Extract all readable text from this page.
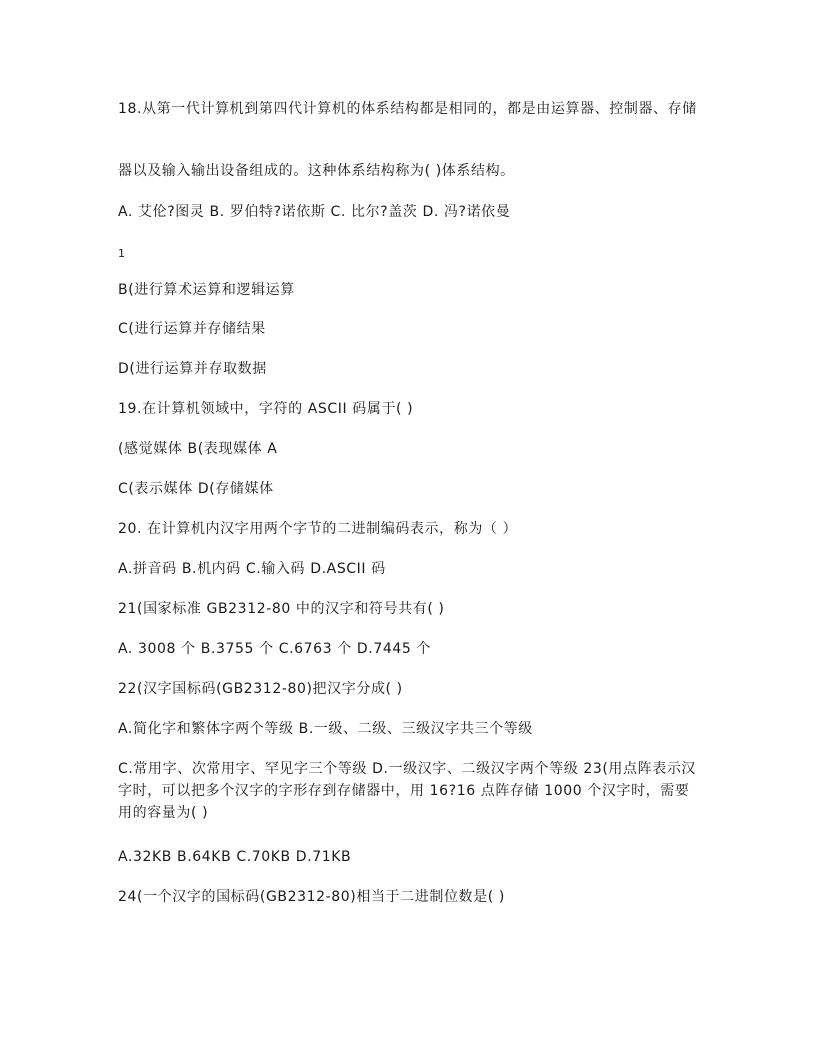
18.从第一代计算机到第四代计算机的体系结构都是相同的，都是由运算器、控制器、存储
器以及输入输出设备组成的。这种体系结构称为( )体系结构。
A. 艾伦?图灵 B. 罗伯特?诺依斯 C. 比尔?盖茨 D. 冯?诺依曼
1
B(进行算术运算和逻辑运算
C(进行运算并存储结果
D(进行运算并存取数据
19.在计算机领域中，字符的 ASCII 码属于( )
(感觉媒体 B(表现媒体 A
C(表示媒体 D(存储媒体
20. 在计算机内汉字用两个字节的二进制编码表示，称为（ ）
A.拼音码 B.机内码 C.输入码 D.ASCII 码
21(国家标准 GB2312-80 中的汉字和符号共有( )
A. 3008 个 B.3755 个 C.6763 个 D.7445 个
22(汉字国标码(GB2312-80)把汉字分成( )
A.简化字和繁体字两个等级 B.一级、二级、三级汉字共三个等级
C.常用字、次常用字、罕见字三个等级 D.一级汉字、二级汉字两个等级 23(用点阵表示汉字时，可以把多个汉字的字形存到存储器中，用 16?16 点阵存储 1000 个汉字时，需要用的容量为( )
A.32KB B.64KB C.70KB D.71KB
24(一个汉字的国标码(GB2312-80)相当于二进制位数是( )
